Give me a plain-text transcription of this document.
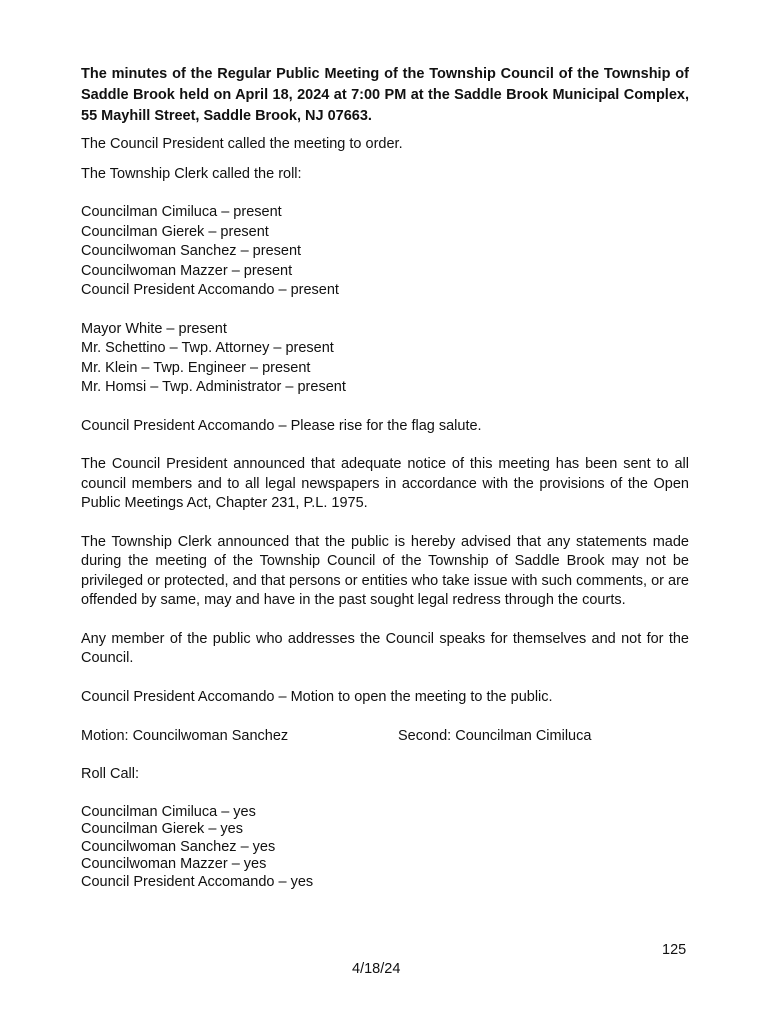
The minutes of the Regular Public Meeting of the Township Council of the Township of Saddle Brook held on April 18, 2024 at 7:00 PM at the Saddle Brook Municipal Complex, 55 Mayhill Street, Saddle Brook, NJ 07663.

The Council President called the meeting to order.

The Township Clerk called the roll:

Councilman Cimiluca – present

Councilman Gierek – present

Councilwoman Sanchez – present

Councilwoman Mazzer – present

Council President Accomando – present

Mayor White – present

Mr. Schettino – Twp. Attorney – present

Mr. Klein – Twp. Engineer – present

Mr. Homsi – Twp. Administrator – present

Council President Accomando – Please rise for the flag salute.

The Council President announced that adequate notice of this meeting has been sent to all council members and to all legal newspapers in accordance with the provisions of the Open Public Meetings Act, Chapter 231, P.L. 1975.

The Township Clerk announced that the public is hereby advised that any statements made during the meeting of the Township Council of the Township of Saddle Brook may not be privileged or protected, and that persons or entities who take issue with such comments, or are offended by same, may and have in the past sought legal redress through the courts.

Any member of the public who addresses the Council speaks for themselves and not for the Council.

Council President Accomando – Motion to open the meeting to the public.

Motion: Councilwoman Sanchez	Second: Councilman Cimiluca

Roll Call:

Councilman Cimiluca – yes

Councilman Gierek – yes

Councilwoman Sanchez – yes

Councilwoman Mazzer – yes

Council President Accomando – yes

125
4/18/24
